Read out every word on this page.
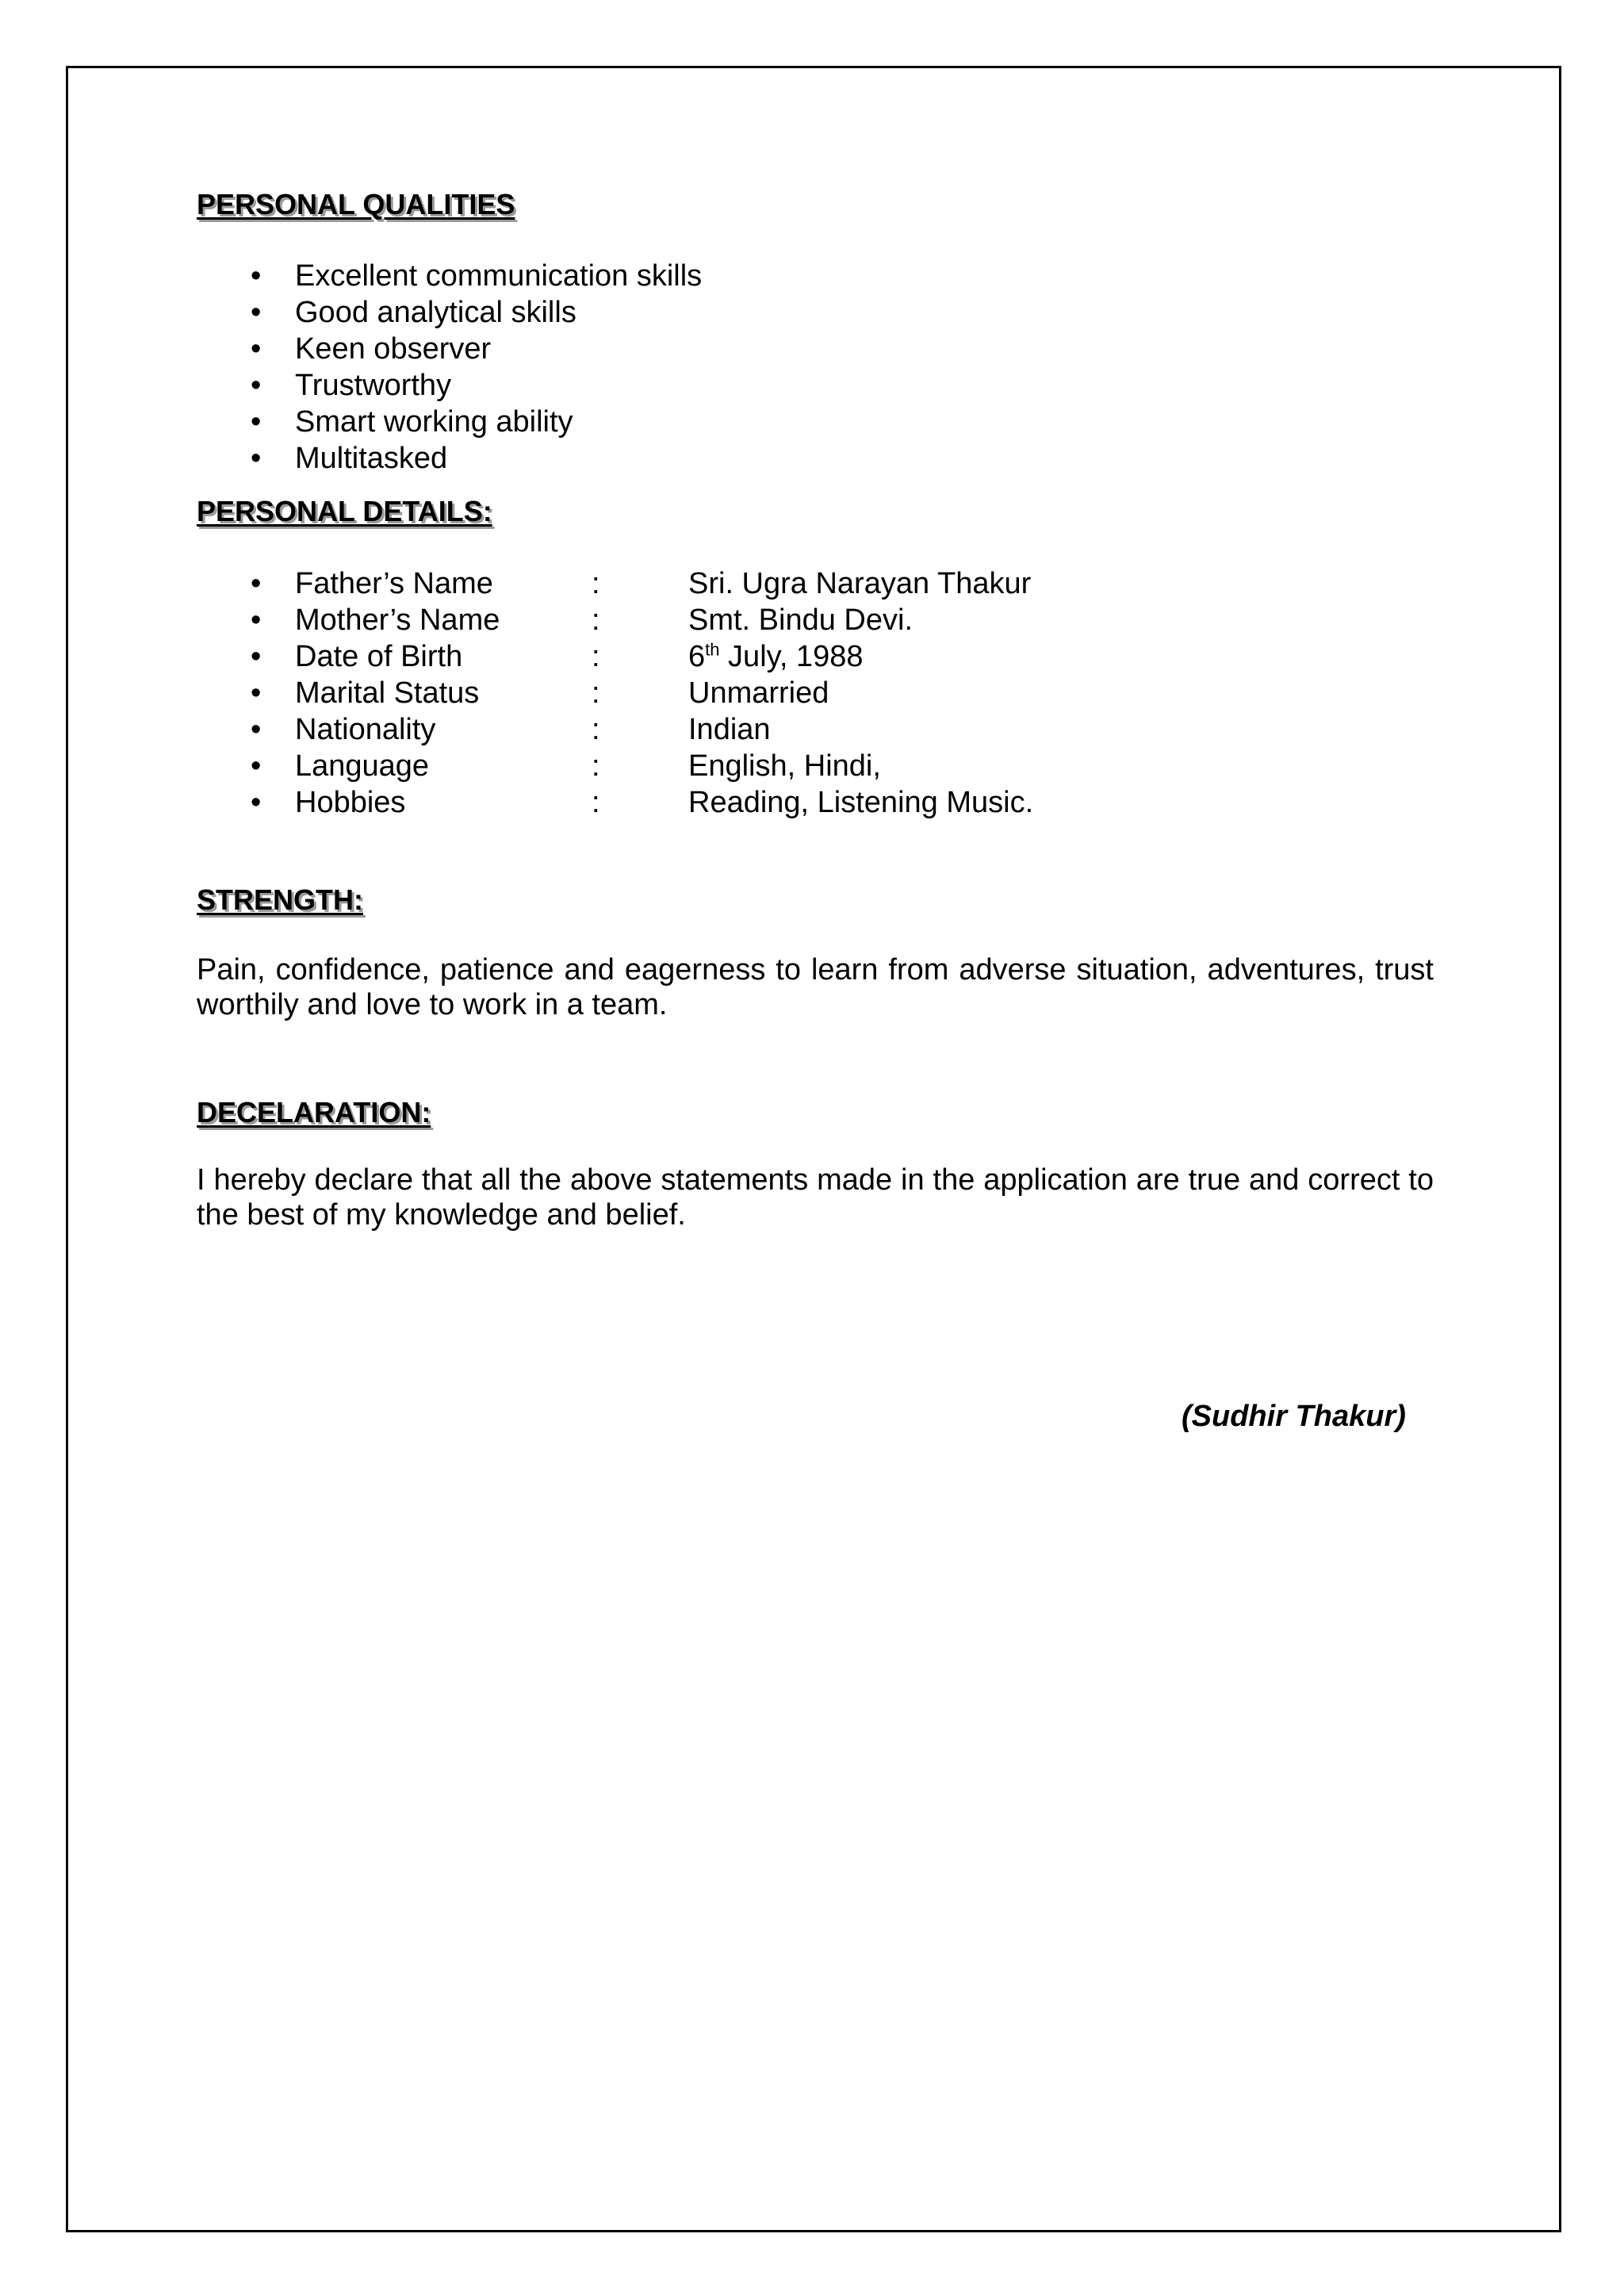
PERSONAL QUALITIES
• Excellent communication skills
• Good analytical skills
• Keen observer
• Trustworthy
• Smart working ability
• Multitasked
PERSONAL DETAILS:
• Father’s Name	:	Sri. Ugra Narayan Thakur
• Mother’s Name	:	Smt. Bindu Devi.
• Date of Birth	:	6th July, 1988
• Marital Status	:	Unmarried
• Nationality	:	Indian
• Language	:	English, Hindi,
• Hobbies	:	Reading, Listening Music.
STRENGTH:

Pain, confidence, patience and eagerness to learn from adverse situation, adventures, trust worthily and love to work in a team.

DECELARATION:

I hereby declare that all the above statements made in the application are true and correct to the best of my knowledge and belief.

(Sudhir Thakur)
